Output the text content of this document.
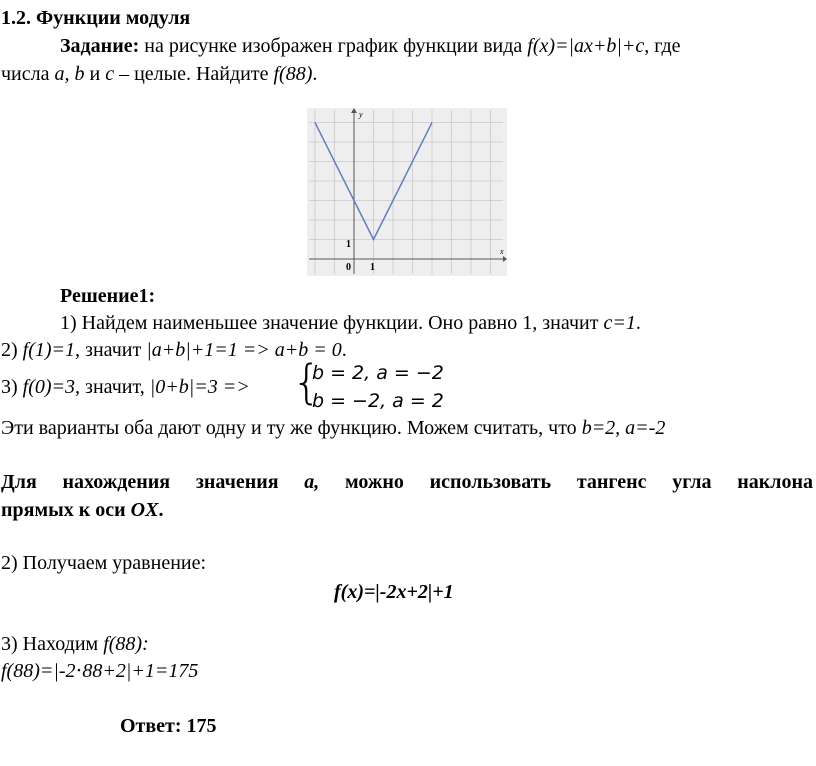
1.2. Функции модуля
Задание: на рисунке изображен график функции вида f(x)=|ax+b|+c, где
числа a, b и c – целые. Найдите f(88).
x
y
0 1
1
Решение1:
1) Найдем наименьшее значение функции. Оно равно 1, значит c=1.
2) f(1)=1, значит |a+b|+1=1 => a+b = 0.
3) f(0)=3, значит, |0+b|=3 => {
b = 2, a = −2
b = −2, a = 2
Эти варианты оба дают одну и ту же функцию. Можем считать, что b=2, a=-2
Для нахождения значения a, можно использовать тангенс угла наклона
прямых к оси OX.
2) Получаем уравнение:
f(x)=|-2x+2|+1
3) Находим f(88):
f(88)=|-2⋅88+2|+1=175
Ответ: 175
